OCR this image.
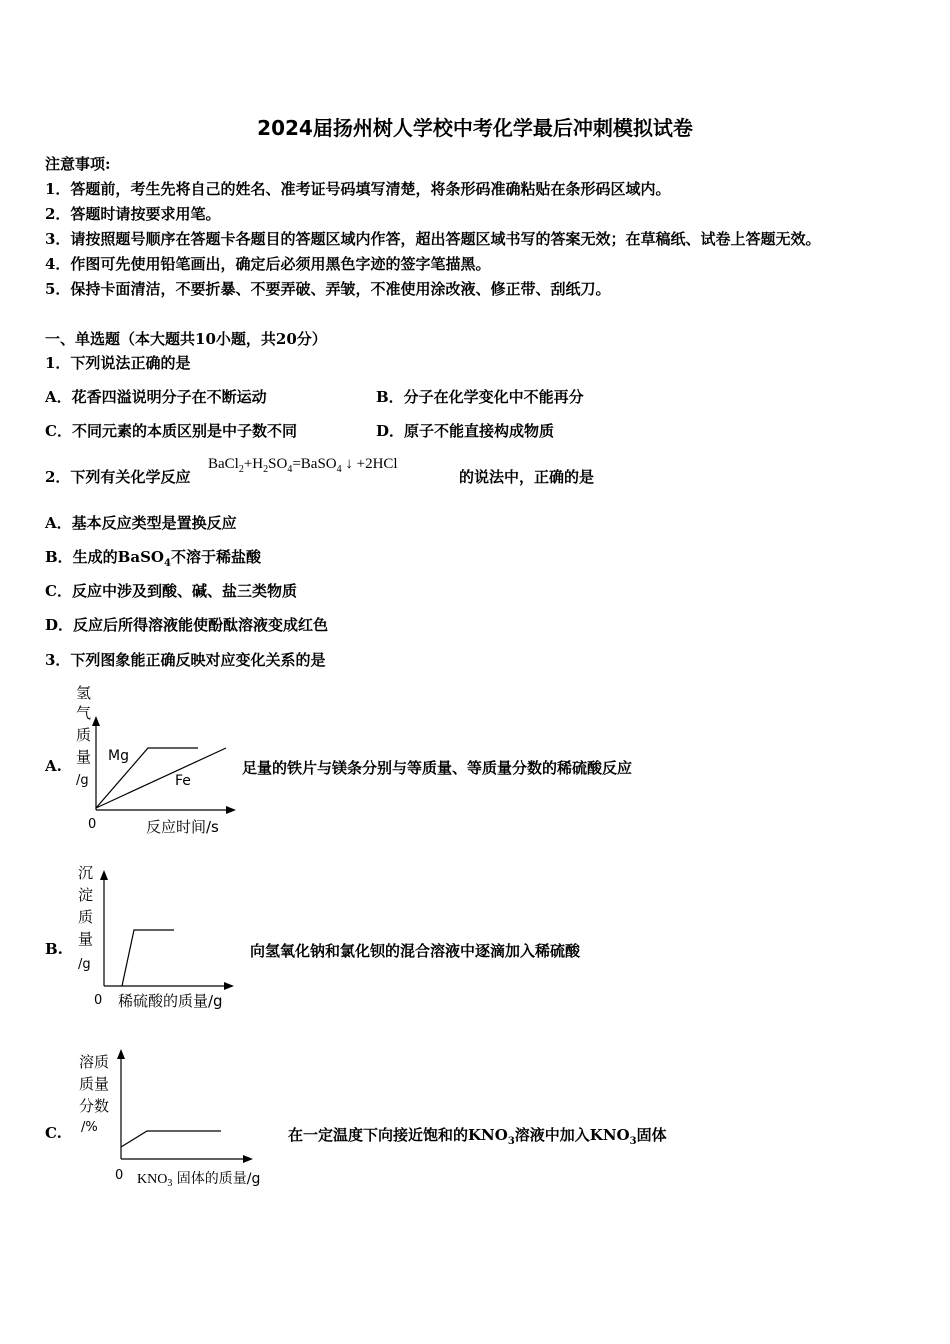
2024届扬州树人学校中考化学最后冲刺模拟试卷
注意事项:
1．答题前，考生先将自己的姓名、准考证号码填写清楚，将条形码准确粘贴在条形码区域内。
2．答题时请按要求用笔。
3．请按照题号顺序在答题卡各题目的答题区域内作答，超出答题区域书写的答案无效；在草稿纸、试卷上答题无效。
4．作图可先使用铅笔画出，确定后必须用黑色字迹的签字笔描黑。
5．保持卡面清洁，不要折暴、不要弄破、弄皱，不准使用涂改液、修正带、刮纸刀。
一、单选题（本大题共10小题，共20分）
1．下列说法正确的是
A．花香四溢说明分子在不断运动	B．分子在化学变化中不能再分
C．不同元素的本质区别是中子数不同	D．原子不能直接构成物质
2．下列有关化学反应
$BaCl_2+H_2SO_4=BaSO_4$ ↓ +2HCl
的说法中，正确的是
A．基本反应类型是置换反应
B．生成的BaSO$_4$不溶于稀盐酸
C．反应中涉及到酸、碱、盐三类物质
D．反应后所得溶液能使酚酞溶液变成红色
3．下列图象能正确反映对应变化关系的是
A.
氢
气
质
量
/g
Mg
Fe
0	反应时间/s
足量的铁片与镁条分别与等质量、等质量分数的稀硫酸反应
B.
沉
淀
质
量
/g
0 稀硫酸的质量/g
向氢氧化钠和氯化钡的混合溶液中逐滴加入稀硫酸
C.
溶质
质量
分数
/%
0 $KNO_3$ 固体的质量/g
在一定温度下向接近饱和的$KNO_3$溶液中加入$KNO_3$固体
